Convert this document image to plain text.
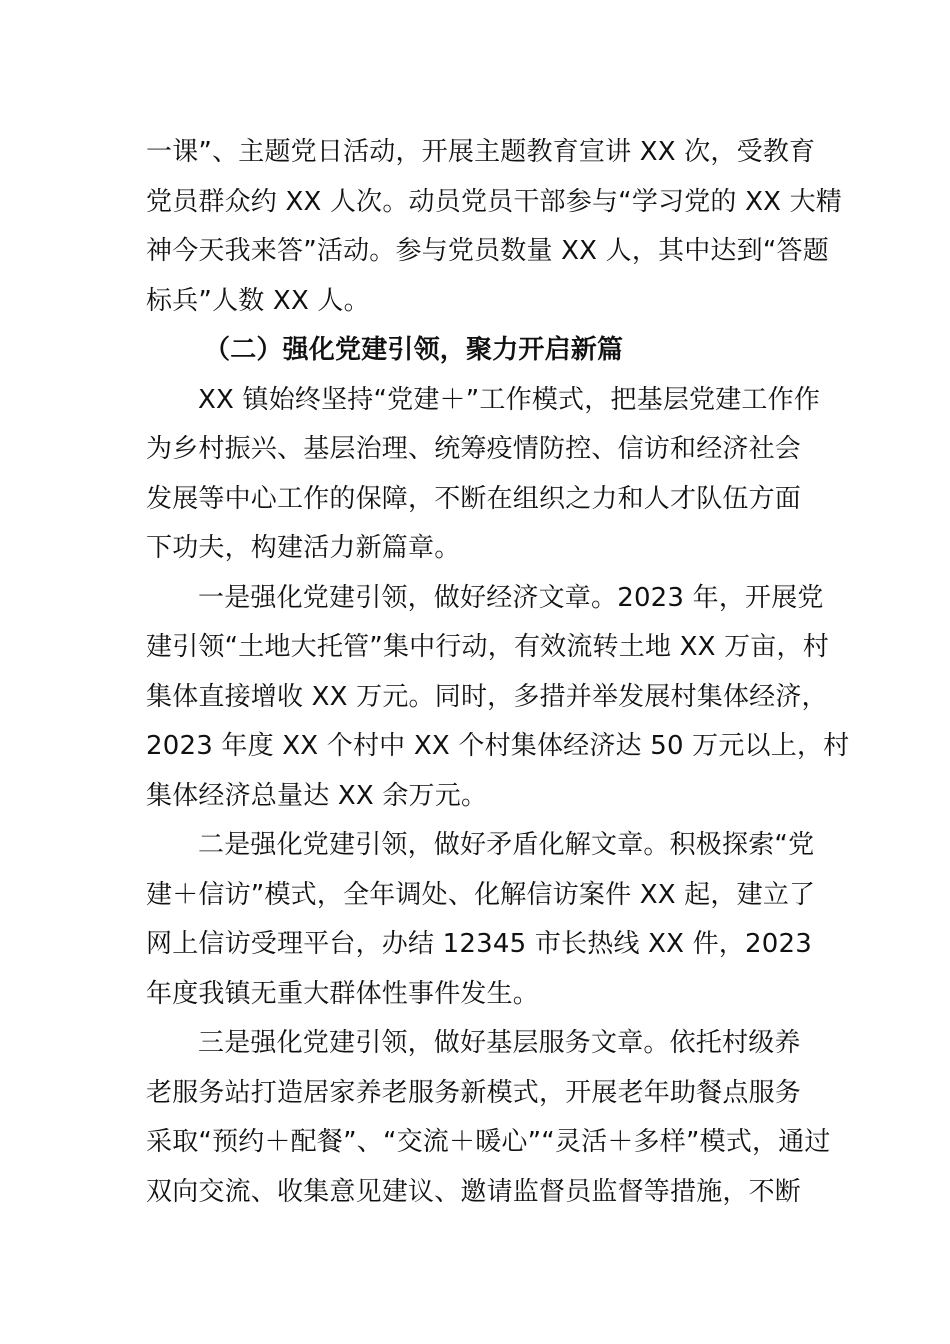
一课”、主题党日活动，开展主题教育宣讲 XX 次，受教育
党员群众约 XX 人次。动员党员干部参与“学习党的 XX 大精
神今天我来答”活动。参与党员数量 XX 人，其中达到“答题
标兵”人数 XX 人。
（二）强化党建引领，聚力开启新篇
XX 镇始终坚持“党建＋”工作模式，把基层党建工作作
为乡村振兴、基层治理、统筹疫情防控、信访和经济社会
发展等中心工作的保障，不断在组织之力和人才队伍方面
下功夫，构建活力新篇章。
一是强化党建引领，做好经济文章。2023 年，开展党
建引领“土地大托管”集中行动，有效流转土地 XX 万亩，村
集体直接增收 XX 万元。同时，多措并举发展村集体经济，
2023 年度 XX 个村中 XX 个村集体经济达 50 万元以上，村
集体经济总量达 XX 余万元。
二是强化党建引领，做好矛盾化解文章。积极探索“党
建＋信访”模式，全年调处、化解信访案件 XX 起，建立了
网上信访受理平台，办结 12345 市长热线 XX 件，2023
年度我镇无重大群体性事件发生。
三是强化党建引领，做好基层服务文章。依托村级养
老服务站打造居家养老服务新模式，开展老年助餐点服务
采取“预约＋配餐”、“交流＋暖心”“灵活＋多样”模式，通过
双向交流、收集意见建议、邀请监督员监督等措施，不断
